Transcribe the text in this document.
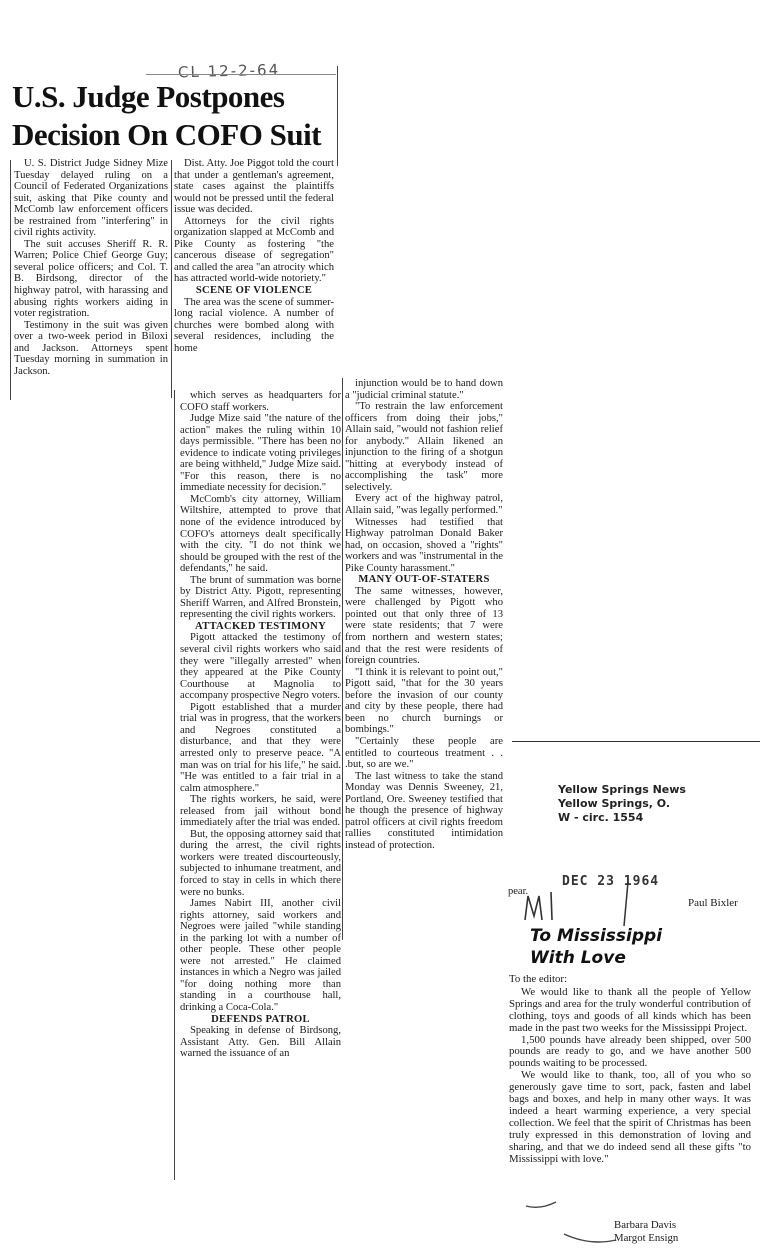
CL 12-2-64
U.S. Judge Postpones
Decision On COFO Suit

U. S. District Judge Sidney Mize Tuesday delayed ruling on a Council of Federated Organizations suit, asking that Pike county and McComb law enforcement officers be restrained from "interfering" in civil rights activity.

The suit accuses Sheriff R. R. Warren; Police Chief George Guy; several police officers; and Col. T. B. Birdsong, director of the highway patrol, with harassing and abusing rights workers aiding in voter registration.

Testimony in the suit was given over a two-week period in Biloxi and Jackson. Attorneys spent Tuesday morning in summation in Jackson.

Dist. Atty. Joe Piggot told the court that under a gentleman's agreement, state cases against the plaintiffs would not be pressed until the federal issue was decided.

Attorneys for the civil rights organization slapped at McComb and Pike County as fostering "the cancerous disease of segregation" and called the area "an atrocity which has attracted world-wide notoriety."

SCENE OF VIOLENCE

The area was the scene of summer-long racial violence. A number of churches were bombed along with several residences, including the home

which serves as headquarters for COFO staff workers.

Judge Mize said "the nature of the action" makes the ruling within 10 days permissible. "There has been no evidence to indicate voting privileges are being withheld," Judge Mize said. "For this reason, there is no immediate necessity for decision."

McComb's city attorney, William Wiltshire, attempted to prove that none of the evidence introduced by COFO's attorneys dealt specifically with the city. "I do not think we should be grouped with the rest of the defendants," he said.

The brunt of summation was borne by District Atty. Pigott, representing Sheriff Warren, and Alfred Bronstein, representing the civil rights workers.

ATTACKED TESTIMONY

Pigott attacked the testimony of several civil rights workers who said they were "illegally arrested" when they appeared at the Pike County Courthouse at Magnolia to accompany prospective Negro voters.

Pigott established that a murder trial was in progress, that the workers and Negroes constituted a disturbance, and that they were arrested only to preserve peace. "A man was on trial for his life," he said. "He was entitled to a fair trial in a calm atmosphere."

The rights workers, he said, were released from jail without bond immediately after the trial was ended.

But, the opposing attorney said that during the arrest, the civil rights workers were treated discourteously, subjected to inhumane treatment, and forced to stay in cells in which there were no bunks.

James Nabirt III, another civil rights attorney, said workers and Negroes were jailed "while standing in the parking lot with a number of other people. These other people were not arrested." He claimed instances in which a Negro was jailed "for doing nothing more than standing in a courthouse hall, drinking a Coca-Cola."

DEFENDS PATROL

Speaking in defense of Birdsong, Assistant Atty. Gen. Bill Allain warned the issuance of an

injunction would be to hand down a "judicial criminal statute."

"To restrain the law enforcement officers from doing their jobs," Allain said, "would not fashion relief for anybody." Allain likened an injunction to the firing of a shotgun "hitting at everybody instead of accomplishing the task" more selectively.

Every act of the highway patrol, Allain said, "was legally performed."

Witnesses had testified that Highway patrolman Donald Baker had, on occasion, shoved a "rights" workers and was "instrumental in the Pike County harassment."

MANY OUT-OF-STATERS

The same witnesses, however, were challenged by Pigott who pointed out that only three of 13 were state residents; that 7 were from northern and western states; and that the rest were residents of foreign countries.

"I think it is relevant to point out," Pigott said, "that for the 30 years before the invasion of our county and city by these people, there had been no church burnings or bombings."

"Certainly these people are entitled to courteous treatment . . .but, so are we."

The last witness to take the stand Monday was Dennis Sweeney, 21, Portland, Ore. Sweeney testified that he though the presence of highway patrol officers at civil rights freedom rallies constituted intimidation instead of protection.

Yellow Springs News
Yellow Springs, O.
W - circ. 1554
DEC 23 1964
pear.
Paul Bixler
To Mississippi
With Love
To the editor:

We would like to thank all the people of Yellow Springs and area for the truly wonderful contribution of clothing, toys and goods of all kinds which has been made in the past two weeks for the Mississippi Project.

1,500 pounds have already been shipped, over 500 pounds are ready to go, and we have another 500 pounds waiting to be processed.

We would like to thank, too, all of you who so generously gave time to sort, pack, fasten and label bags and boxes, and help in many other ways. It was indeed a heart warming experience, a very special collection. We feel that the spirit of Christmas has been truly expressed in this demonstration of loving and sharing, and that we do indeed send all these gifts "to Mississippi with love."

Barbara Davis
Margot Ensign
